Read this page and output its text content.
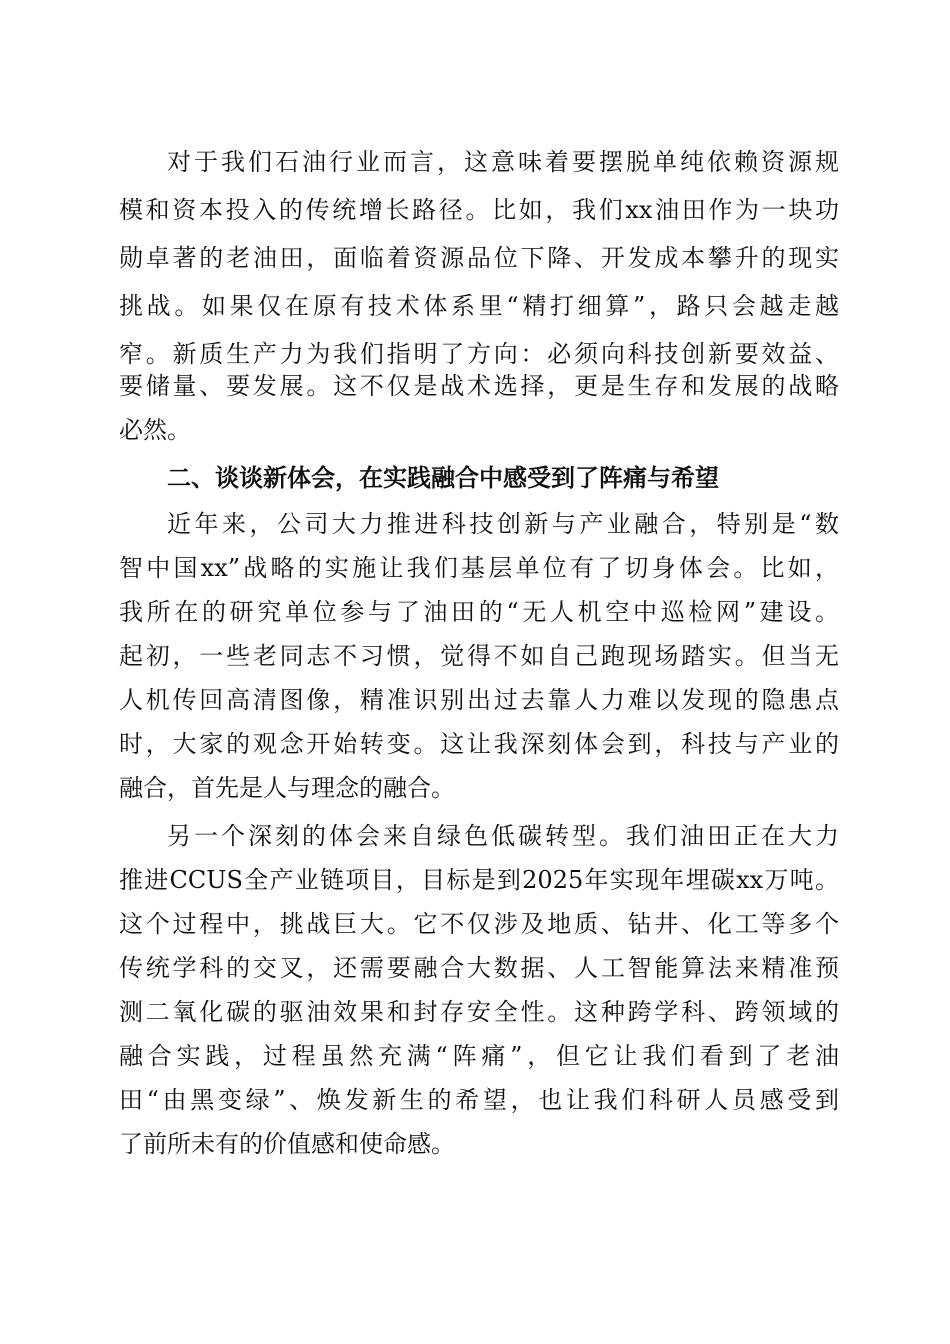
对于我们石油行业而言，这意味着要摆脱单纯依赖资源规

模和资本投入的传统增长路径。比如，我们xx油田作为一块功

勋卓著的老油田，面临着资源品位下降、开发成本攀升的现实

挑战。如果仅在原有技术体系里“精打细算”，路只会越走越

窄。新质生产力为我们指明了方向：必须向科技创新要效益、

要储量、要发展。这不仅是战术选择，更是生存和发展的战略

必然。

二、谈谈新体会，在实践融合中感受到了阵痛与希望

近年来，公司大力推进科技创新与产业融合，特别是“数

智中国xx”战略的实施让我们基层单位有了切身体会。比如，

我所在的研究单位参与了油田的“无人机空中巡检网”建设。

起初，一些老同志不习惯，觉得不如自己跑现场踏实。但当无

人机传回高清图像，精准识别出过去靠人力难以发现的隐患点

时，大家的观念开始转变。这让我深刻体会到，科技与产业的

融合，首先是人与理念的融合。

另一个深刻的体会来自绿色低碳转型。我们油田正在大力

推进CCUS全产业链项目，目标是到2025年实现年埋碳xx万吨。

这个过程中，挑战巨大。它不仅涉及地质、钻井、化工等多个

传统学科的交叉，还需要融合大数据、人工智能算法来精准预

测二氧化碳的驱油效果和封存安全性。这种跨学科、跨领域的

融合实践，过程虽然充满“阵痛”，但它让我们看到了老油

田“由黑变绿”、焕发新生的希望，也让我们科研人员感受到

了前所未有的价值感和使命感。
